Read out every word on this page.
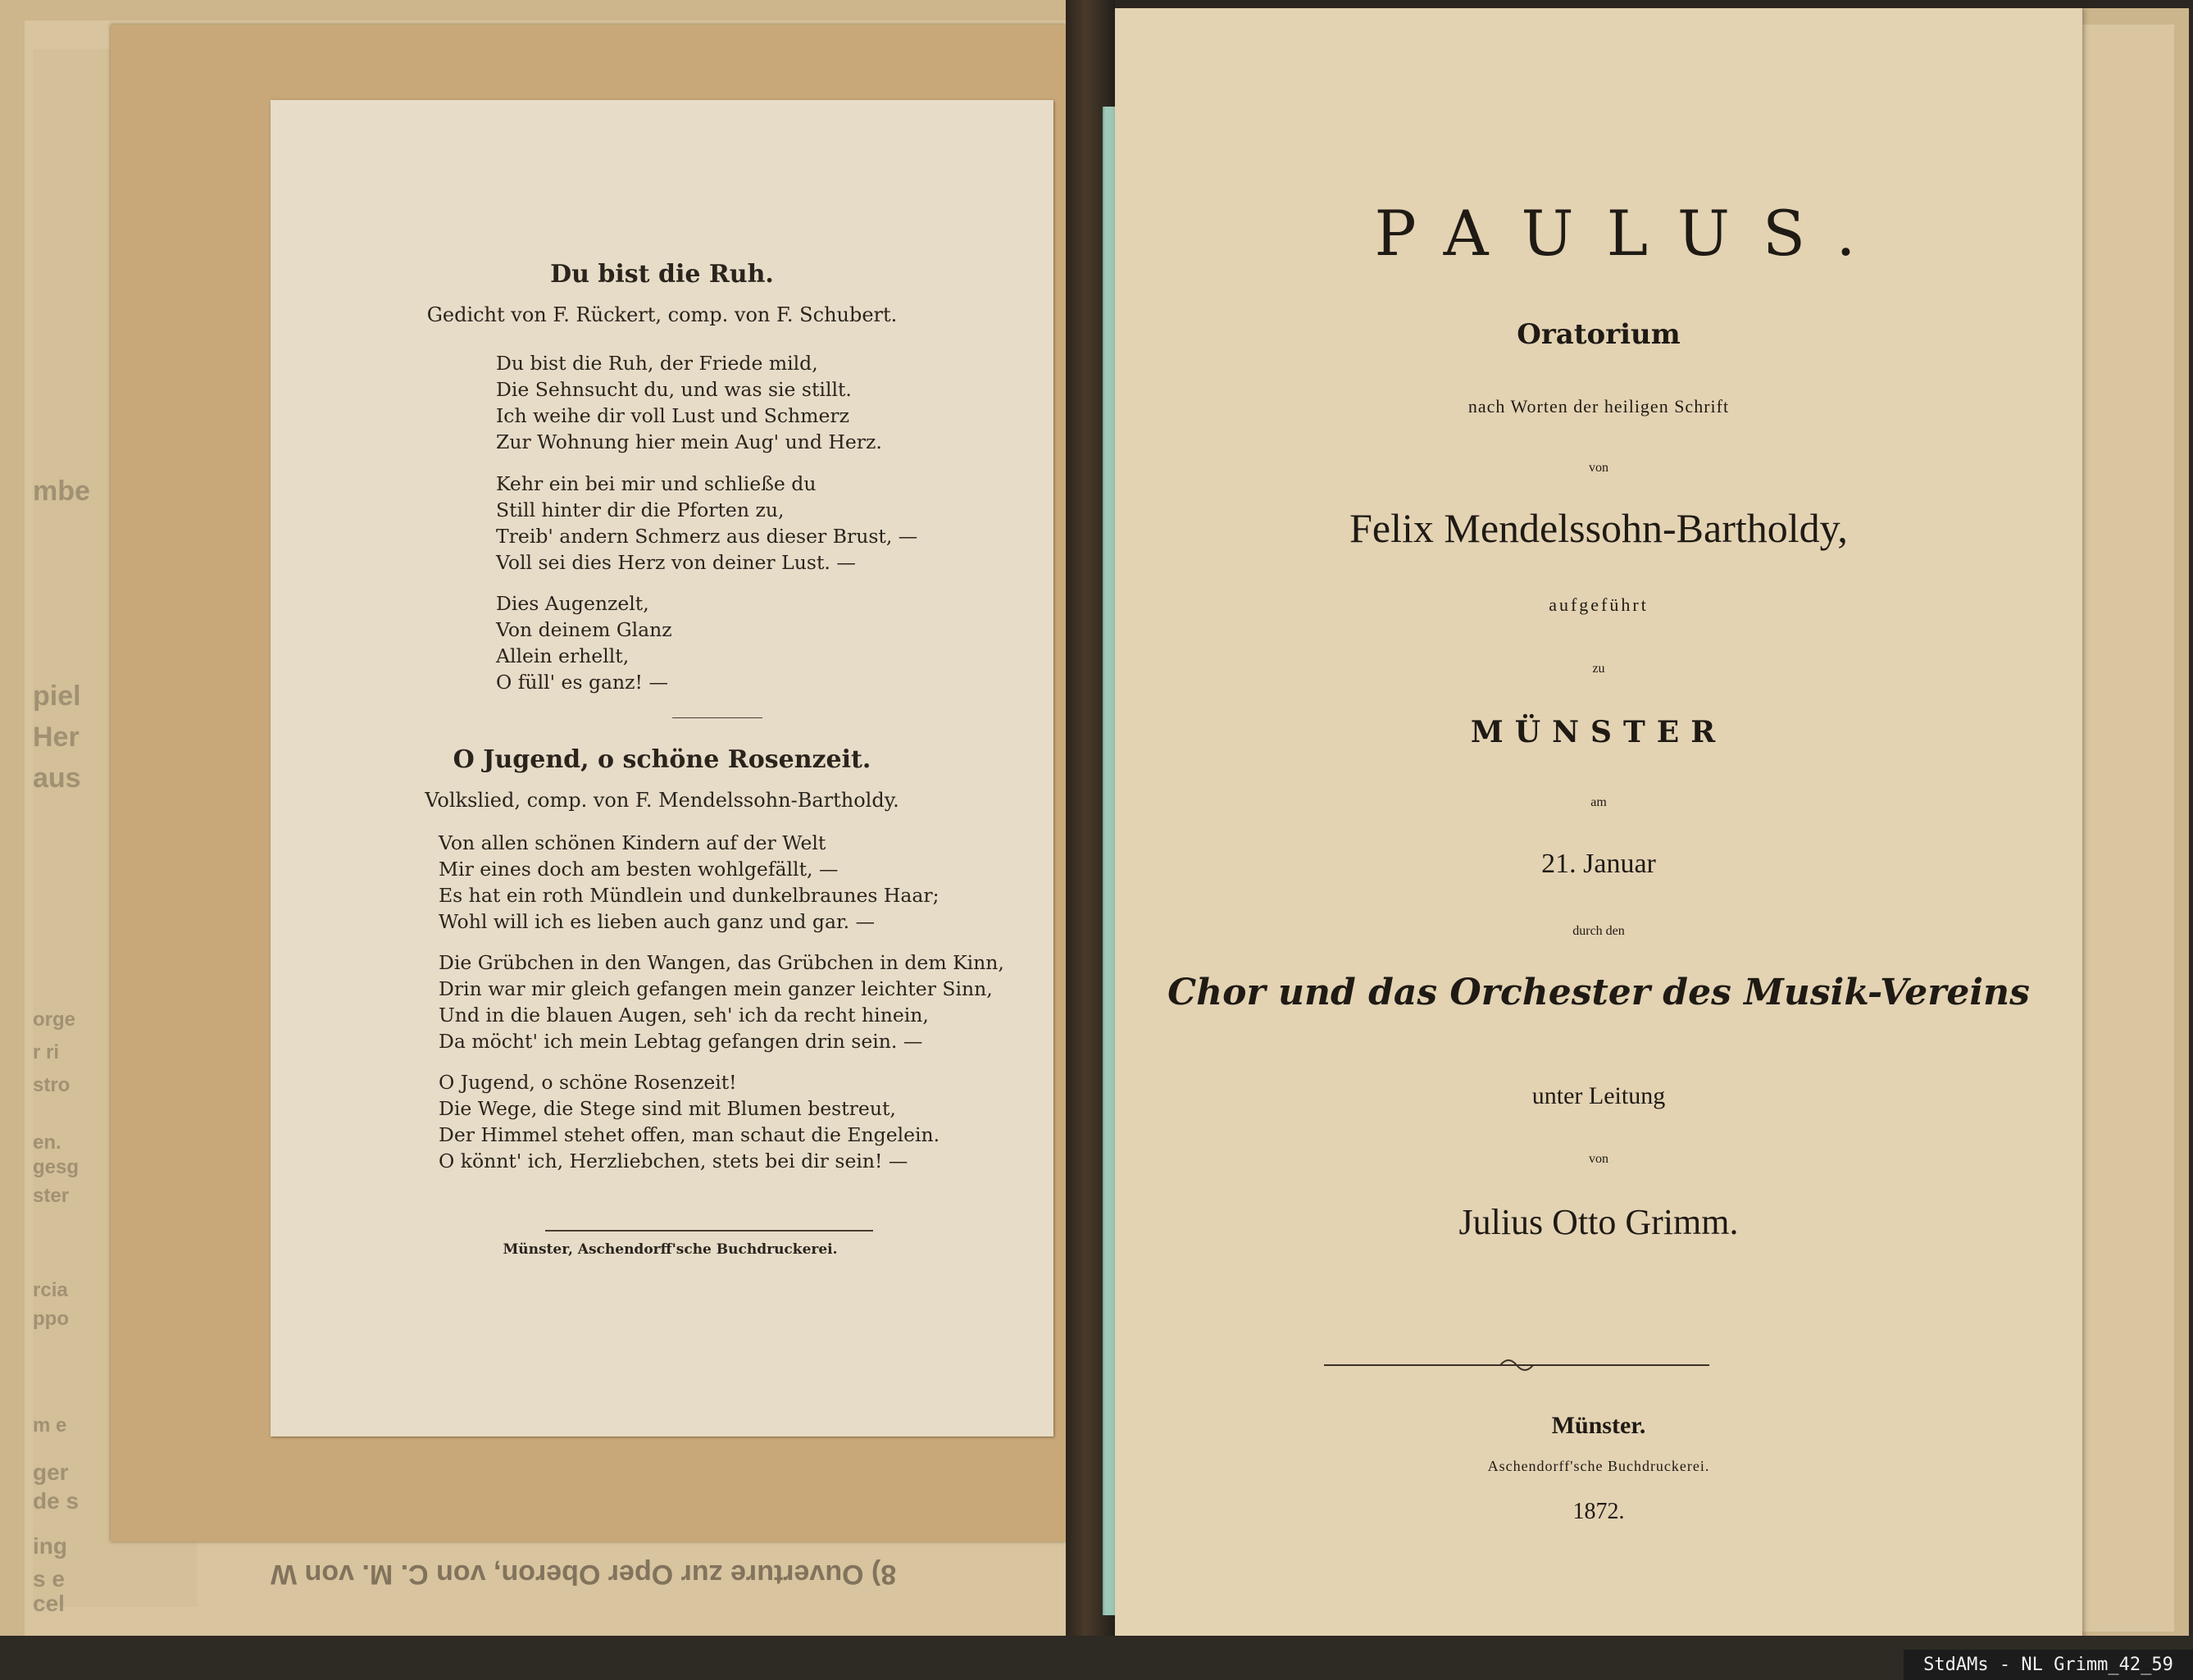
mbe
piel
Her
aus
orge
r ri
stro
en.
gesg
ster
rcia
ppo
m e
ger
de s
ing
s e
cel
8) Ouverture zur Oper Oberon, von C. M. von W
Du bist die Ruh.
Gedicht von F. Rückert, comp. von F. Schubert.
Du bist die Ruh, der Friede mild,
Die Sehnsucht du, und was sie stillt.
Ich weihe dir voll Lust und Schmerz
Zur Wohnung hier mein Aug' und Herz.
Kehr ein bei mir und schließe du
Still hinter dir die Pforten zu,
Treib' andern Schmerz aus dieser Brust, —
Voll sei dies Herz von deiner Lust. —
Dies Augenzelt,
Von deinem Glanz
Allein erhellt,
O füll' es ganz! —
O Jugend, o schöne Rosenzeit.
Volkslied, comp. von F. Mendelssohn-Bartholdy.
Von allen schönen Kindern auf der Welt
Mir eines doch am besten wohlgefällt, —
Es hat ein roth Mündlein und dunkelbraunes Haar;
Wohl will ich es lieben auch ganz und gar. —
Die Grübchen in den Wangen, das Grübchen in dem Kinn,
Drin war mir gleich gefangen mein ganzer leichter Sinn,
Und in die blauen Augen, seh' ich da recht hinein,
Da möcht' ich mein Lebtag gefangen drin sein. —
O Jugend, o schöne Rosenzeit!
Die Wege, die Stege sind mit Blumen bestreut,
Der Himmel stehet offen, man schaut die Engelein.
O könnt' ich, Herzliebchen, stets bei dir sein! —
Münster, Aschendorff'sche Buchdruckerei.
PAULUS.
Oratorium
nach Worten der heiligen Schrift
von
Felix Mendelssohn-Bartholdy,
aufgeführt
zu
MÜNSTER
am
21. Januar
durch den
Chor und das Orchester des Musik-Vereins
unter Leitung
von
Julius Otto Grimm.
Münster.
Aschendorff'sche Buchdruckerei.
1872.
StdAMs - NL Grimm_42_59
